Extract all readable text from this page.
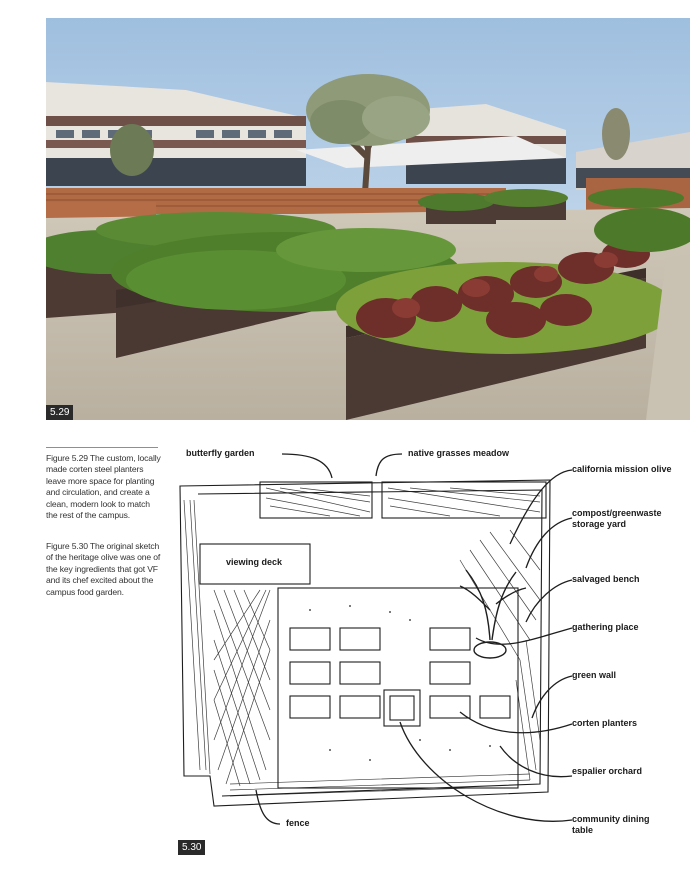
5.29
Figure 5.29 The custom, locally made corten steel planters leave more space for planting and circulation, and create a clean, modern look to match the rest of the campus.
Figure 5.30 The original sketch of the heritage olive was one of the key ingredients that got VF and its chef excited about the campus food garden.
butterfly garden	native grasses meadow
california mission olive
compost/greenwaste storage yard
viewing deck
salvaged bench
gathering place
green wall
corten planters
espalier orchard
fence	community dining table
5.30
